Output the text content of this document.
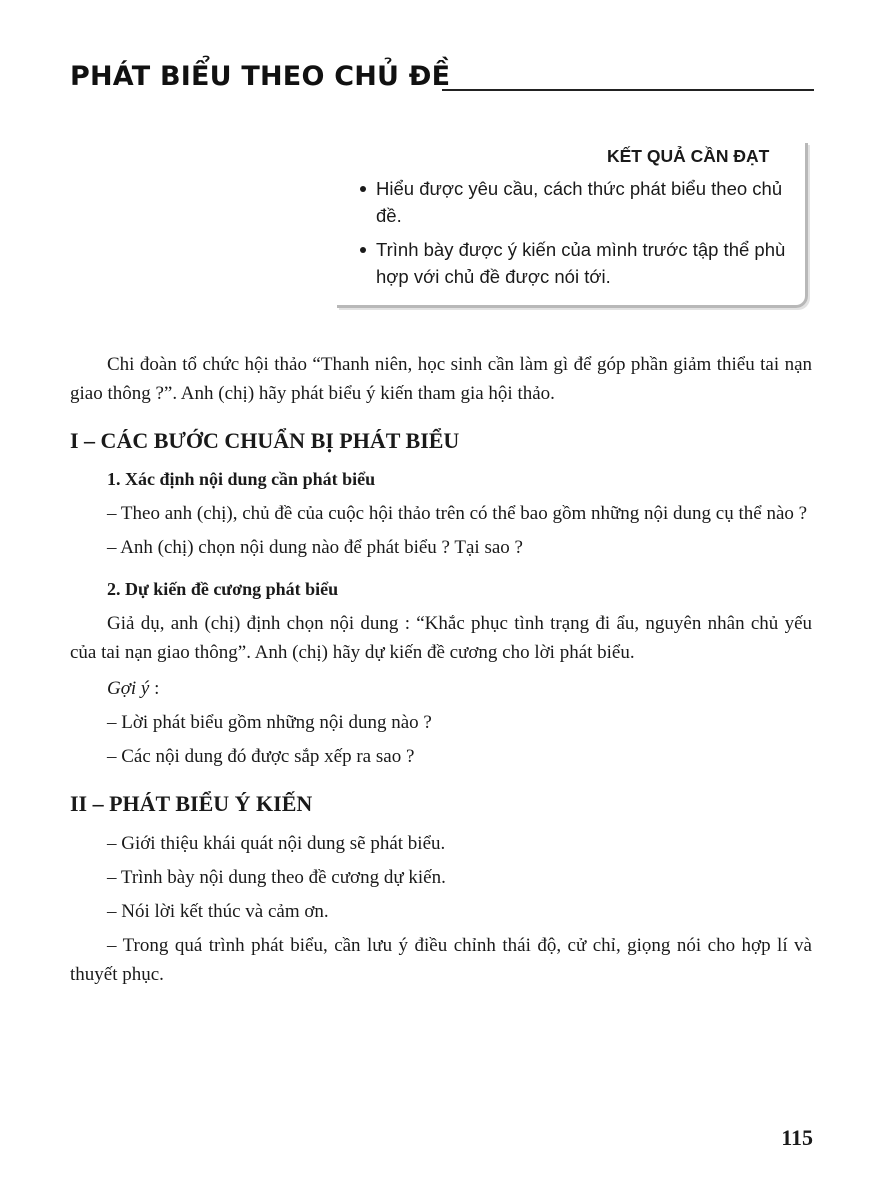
PHÁT BIỂU THEO CHỦ ĐỀ
KẾT QUẢ CẦN ĐẠT
Hiểu được yêu cầu, cách thức phát biểu theo chủ đề.
Trình bày được ý kiến của mình trước tập thể phù hợp với chủ đề được nói tới.

Chi đoàn tổ chức hội thảo “Thanh niên, học sinh cần làm gì để góp phần giảm thiểu tai nạn giao thông ?”. Anh (chị) hãy phát biểu ý kiến tham gia hội thảo.

I – CÁC BƯỚC CHUẨN BỊ PHÁT BIỂU

1. Xác định nội dung cần phát biểu

– Theo anh (chị), chủ đề của cuộc hội thảo trên có thể bao gồm những nội dung cụ thể nào ?

– Anh (chị) chọn nội dung nào để phát biểu ? Tại sao ?

2. Dự kiến đề cương phát biểu

Giả dụ, anh (chị) định chọn nội dung : “Khắc phục tình trạng đi ẩu, nguyên nhân chủ yếu của tai nạn giao thông”. Anh (chị) hãy dự kiến đề cương cho lời phát biểu.

Gợi ý :

– Lời phát biểu gồm những nội dung nào ?

– Các nội dung đó được sắp xếp ra sao ?

II – PHÁT BIỂU Ý KIẾN

– Giới thiệu khái quát nội dung sẽ phát biểu.

– Trình bày nội dung theo đề cương dự kiến.

– Nói lời kết thúc và cảm ơn.

– Trong quá trình phát biểu, cần lưu ý điều chỉnh thái độ, cử chỉ, giọng nói cho hợp lí và thuyết phục.

115
